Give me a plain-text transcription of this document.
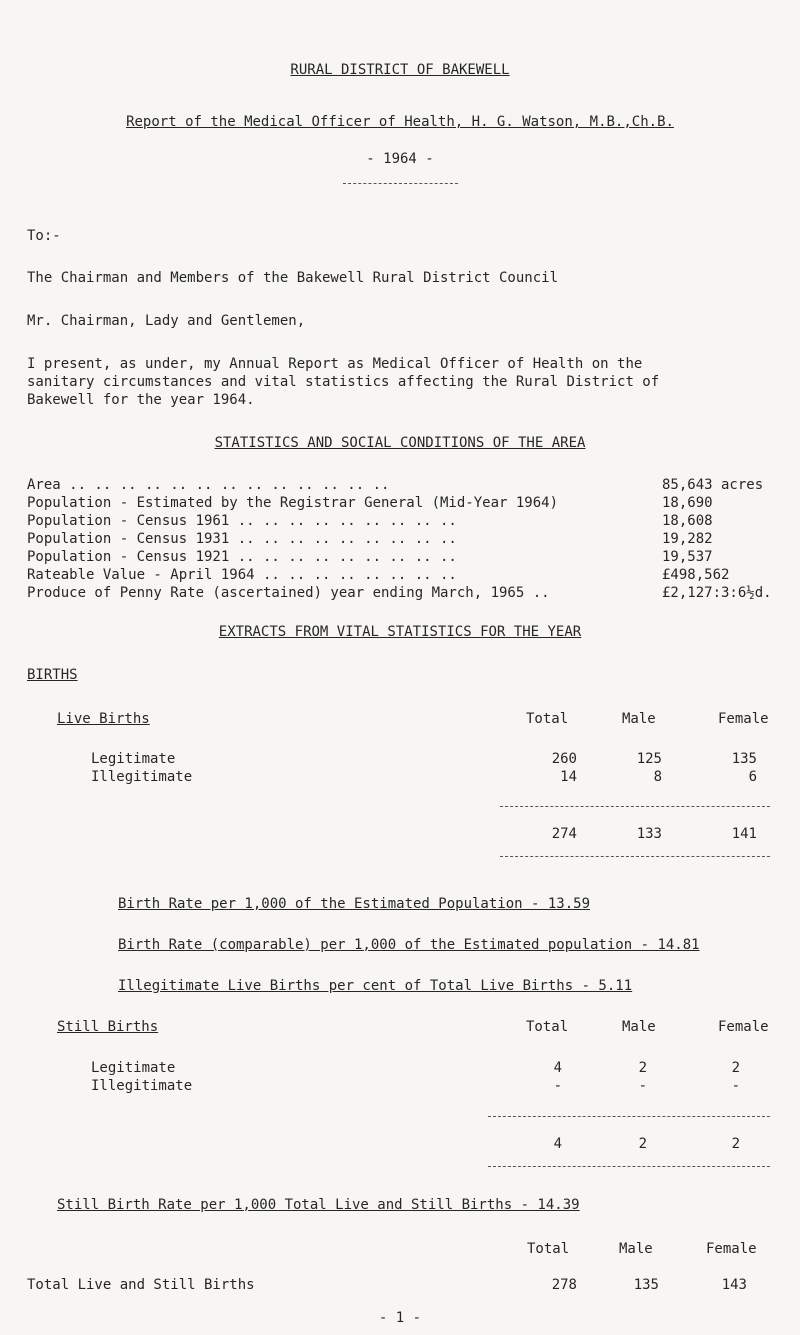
RURAL DISTRICT OF BAKEWELL
Report of the Medical Officer of Health, H. G. Watson, M.B.,Ch.B.
- 1964 -
To:-
The Chairman and Members of the Bakewell Rural District Council
Mr. Chairman, Lady and Gentlemen,
I present, as under, my Annual Report as Medical Officer of Health on the
sanitary circumstances and vital statistics affecting the Rural District of
Bakewell for the year 1964.
STATISTICS AND SOCIAL CONDITIONS OF THE AREA
Area .. .. .. .. .. .. .. .. .. .. .. .. ..	85,643 acres
Population - Estimated by the Registrar General (Mid-Year 1964)	18,690
Population - Census 1961 .. .. .. .. .. .. .. .. ..	18,608
Population - Census 1931 .. .. .. .. .. .. .. .. ..	19,282
Population - Census 1921 .. .. .. .. .. .. .. .. ..	19,537
Rateable Value - April 1964 .. .. .. .. .. .. .. ..	£498,562
Produce of Penny Rate (ascertained) year ending March, 1965 ..	£2,127:3:6½d.
EXTRACTS FROM VITAL STATISTICS FOR THE YEAR
BIRTHS
Live Births	Total	Male	Female
Legitimate	260	125	135
Illegitimate	14	8	6
274	133	141
Birth Rate per 1,000 of the Estimated Population - 13.59
Birth Rate (comparable) per 1,000 of the Estimated population - 14.81
Illegitimate Live Births per cent of Total Live Births - 5.11
Still Births	Total	Male	Female
Legitimate	4	2	2
Illegitimate	-	-	-
4	2	2
Still Birth Rate per 1,000 Total Live and Still Births - 14.39
Total	Male	Female
Total Live and Still Births	278	135	143
- 1 -
